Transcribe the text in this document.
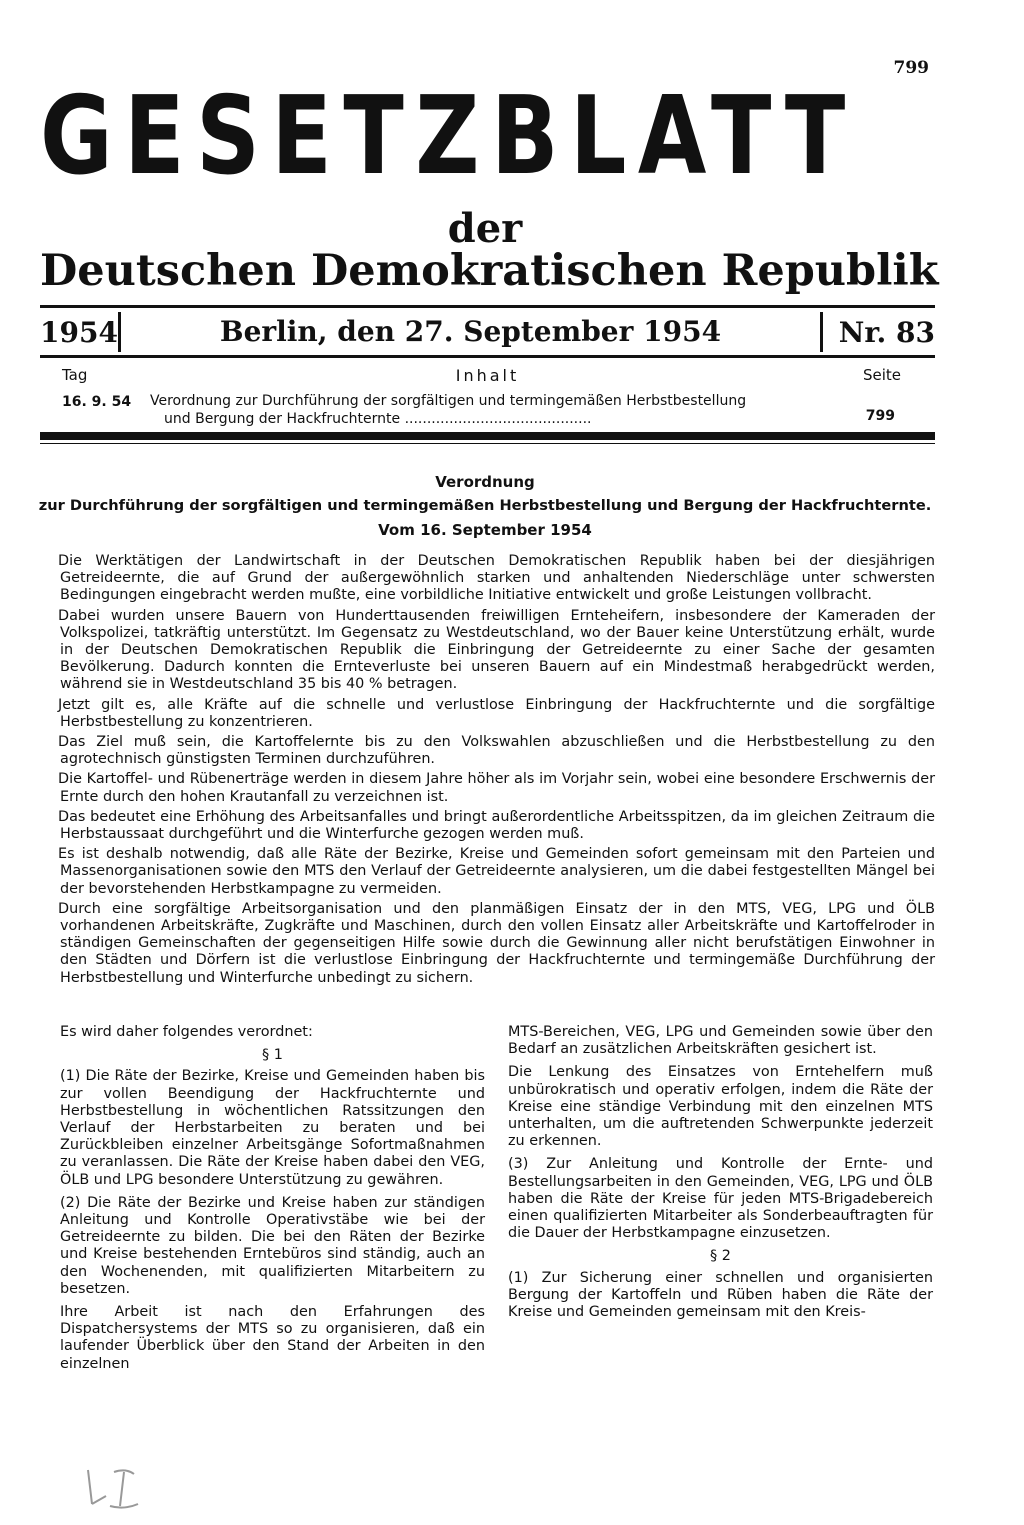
799
GESETZBLATT
der
Deutschen Demokratischen Republik
1954	Berlin, den 27. September 1954	Nr. 83
Tag	Inhalt	Seite
16. 9. 54 Verordnung zur Durchführung der sorgfältigen und termingemäßen Herbstbestellung
und Bergung der Hackfruchternte ..........................................	799
Verordnung
zur Durchführung der sorgfältigen und termingemäßen Herbstbestellung und Bergung der Hackfruchternte.
Vom 16. September 1954

Die Werktätigen der Landwirtschaft in der Deutschen Demokratischen Republik haben bei der diesjährigen Getreideernte, die auf Grund der außergewöhnlich starken und anhaltenden Niederschläge unter schwersten Bedingungen eingebracht werden mußte, eine vorbildliche Initiative entwickelt und große Leistungen vollbracht.

Dabei wurden unsere Bauern von Hunderttausenden freiwilligen Ernteheifern, insbesondere der Kameraden der Volkspolizei, tatkräftig unterstützt. Im Gegensatz zu Westdeutschland, wo der Bauer keine Unterstützung erhält, wurde in der Deutschen Demokratischen Republik die Einbringung der Getreideernte zu einer Sache der gesamten Bevölkerung. Dadurch konnten die Ernteverluste bei unseren Bauern auf ein Mindestmaß herabgedrückt werden, während sie in Westdeutschland 35 bis 40 % betragen.

Jetzt gilt es, alle Kräfte auf die schnelle und verlustlose Einbringung der Hackfruchternte und die sorgfältige Herbstbestellung zu konzentrieren.

Das Ziel muß sein, die Kartoffelernte bis zu den Volkswahlen abzuschließen und die Herbstbestellung zu den agrotechnisch günstigsten Terminen durchzuführen.

Die Kartoffel- und Rübenerträge werden in diesem Jahre höher als im Vorjahr sein, wobei eine besondere Erschwernis der Ernte durch den hohen Krautanfall zu verzeichnen ist.

Das bedeutet eine Erhöhung des Arbeitsanfalles und bringt außerordentliche Arbeitsspitzen, da im gleichen Zeitraum die Herbstaussaat durchgeführt und die Winterfurche gezogen werden muß.

Es ist deshalb notwendig, daß alle Räte der Bezirke, Kreise und Gemeinden sofort gemeinsam mit den Parteien und Massenorganisationen sowie den MTS den Verlauf der Getreideernte analysieren, um die dabei festgestellten Mängel bei der bevorstehenden Herbstkampagne zu vermeiden.

Durch eine sorgfältige Arbeitsorganisation und den planmäßigen Einsatz der in den MTS, VEG, LPG und ÖLB vorhandenen Arbeitskräfte, Zugkräfte und Maschinen, durch den vollen Einsatz aller Arbeitskräfte und Kartoffelroder in ständigen Gemeinschaften der gegenseitigen Hilfe sowie durch die Gewinnung aller nicht berufstätigen Einwohner in den Städten und Dörfern ist die verlustlose Einbringung der Hackfruchternte und termingemäße Durchführung der Herbstbestellung und Winterfurche unbedingt zu sichern.

Es wird daher folgendes verordnet:

§ 1

(1) Die Räte der Bezirke, Kreise und Gemeinden haben bis zur vollen Beendigung der Hackfruchternte und Herbstbestellung in wöchentlichen Ratssitzungen den Verlauf der Herbstarbeiten zu beraten und bei Zurückbleiben einzelner Arbeitsgänge Sofortmaßnahmen zu veranlassen. Die Räte der Kreise haben dabei den VEG, ÖLB und LPG besondere Unterstützung zu gewähren.

(2) Die Räte der Bezirke und Kreise haben zur ständigen Anleitung und Kontrolle Operativstäbe wie bei der Getreideernte zu bilden. Die bei den Räten der Bezirke und Kreise bestehenden Erntebüros sind ständig, auch an den Wochenenden, mit qualifizierten Mitarbeitern zu besetzen.

Ihre Arbeit ist nach den Erfahrungen des Dispatchersystems der MTS so zu organisieren, daß ein laufender Überblick über den Stand der Arbeiten in den einzelnen

MTS-Bereichen, VEG, LPG und Gemeinden sowie über den Bedarf an zusätzlichen Arbeitskräften gesichert ist.

Die Lenkung des Einsatzes von Erntehelfern muß unbürokratisch und operativ erfolgen, indem die Räte der Kreise eine ständige Verbindung mit den einzelnen MTS unterhalten, um die auftretenden Schwerpunkte jederzeit zu erkennen.

(3) Zur Anleitung und Kontrolle der Ernte- und Bestellungsarbeiten in den Gemeinden, VEG, LPG und ÖLB haben die Räte der Kreise für jeden MTS-Brigadebereich einen qualifizierten Mitarbeiter als Sonderbeauftragten für die Dauer der Herbstkampagne einzusetzen.

§ 2

(1) Zur Sicherung einer schnellen und organisierten Bergung der Kartoffeln und Rüben haben die Räte der Kreise und Gemeinden gemeinsam mit den Kreis-
